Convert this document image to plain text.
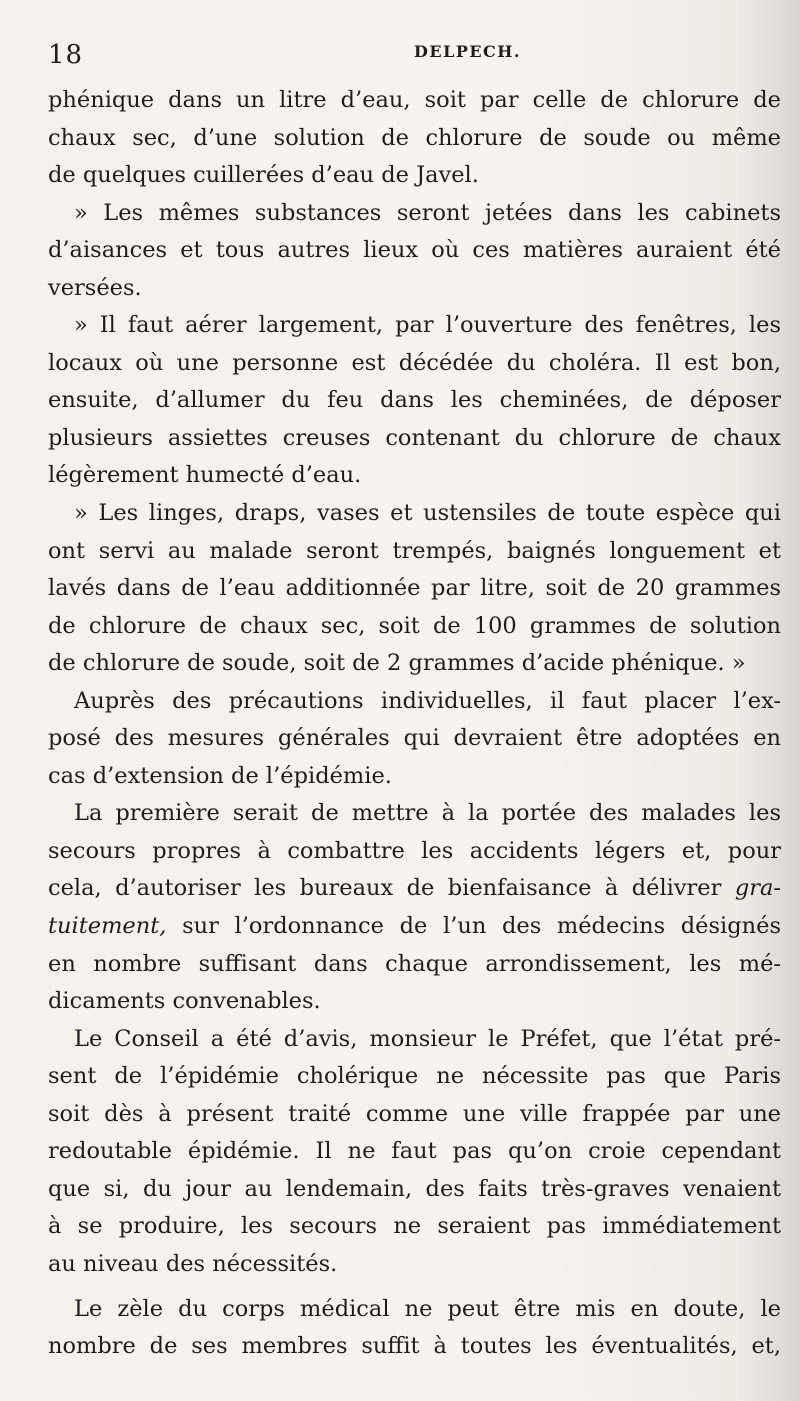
18	DELPECH.
phénique dans un litre d’eau, soit par celle de chlorure de
chaux sec, d’une solution de chlorure de soude ou même
de quelques cuillerées d’eau de Javel.
» Les mêmes substances seront jetées dans les cabinets
d’aisances et tous autres lieux où ces matières auraient été
versées.
» Il faut aérer largement, par l’ouverture des fenêtres, les
locaux où une personne est décédée du choléra. Il est bon,
ensuite, d’allumer du feu dans les cheminées, de déposer
plusieurs assiettes creuses contenant du chlorure de chaux
légèrement humecté d’eau.
» Les linges, draps, vases et ustensiles de toute espèce qui
ont servi au malade seront trempés, baignés longuement et
lavés dans de l’eau additionnée par litre, soit de 20 grammes
de chlorure de chaux sec, soit de 100 grammes de solution
de chlorure de soude, soit de 2 grammes d’acide phénique. »
Auprès des précautions individuelles, il faut placer l’ex-
posé des mesures générales qui devraient être adoptées en
cas d’extension de l’épidémie.
La première serait de mettre à la portée des malades les
secours propres à combattre les accidents légers et, pour
cela, d’autoriser les bureaux de bienfaisance à délivrer gra-
tuitement, sur l’ordonnance de l’un des médecins désignés
en nombre suffisant dans chaque arrondissement, les mé-
dicaments convenables.
Le Conseil a été d’avis, monsieur le Préfet, que l’état pré-
sent de l’épidémie cholérique ne nécessite pas que Paris
soit dès à présent traité comme une ville frappée par une
redoutable épidémie. Il ne faut pas qu’on croie cependant
que si, du jour au lendemain, des faits très-graves venaient
à se produire, les secours ne seraient pas immédiatement
au niveau des nécessités.
Le zèle du corps médical ne peut être mis en doute, le
nombre de ses membres suffit à toutes les éventualités, et,
